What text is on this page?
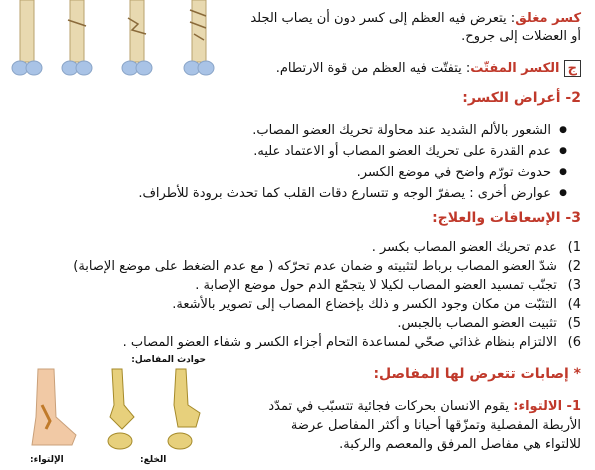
كسر مغلق: يتعرض فيه العظم إلى كسر دون أن يصاب الجلد
أو العضلات إلى جروح.
ج الكسر المفتّت: يتفتّت فيه العظم من قوة الارتطام.
2- أعراض الكسر:
● الشعور بالألم الشديد عند محاولة تحريك العضو المصاب.
● عدم القدرة على تحريك العضو المصاب أو الاعتماد عليه.
● حدوث تورّم واضح في موضع الكسر.
● عوارض أخرى : يصفرّ الوجه و تتسارع دقات القلب كما تحدث برودة للأطراف.
3- الإسعافات والعلاج:
1) عدم تحريك العضو المصاب بكسر .
2) شدّ العضو المصاب برباط لتثبيته و ضمان عدم تحرّكه ( مع عدم الضغط على موضع الإصابة)
3) تجنّب تمسيد العضو المصاب لكيلا لا يتجمّع الدم حول موضع الإصابة .
4) التثبّت من مكان وجود الكسر و ذلك بإخضاع المصاب إلى تصوير بالأشعة.
5) تثبيت العضو المصاب بالجبس.
6) الالتزام بنظام غذائي صحّي لمساعدة التحام أجزاء الكسر و شفاء العضو المصاب .
* إصابات تتعرض لها المفاصل:
1- الالتواء: يقوم الانسان بحركات فجائية تتسبّب في تمدّد
الأربطة المفصلية وتمزّقها أحيانا و أكثر المفاصل عرضة
للالتواء هي مفاصل المرفق والمعصم والركبة.
حوادث المفاصل:
الخلع:
الإلتواء:
